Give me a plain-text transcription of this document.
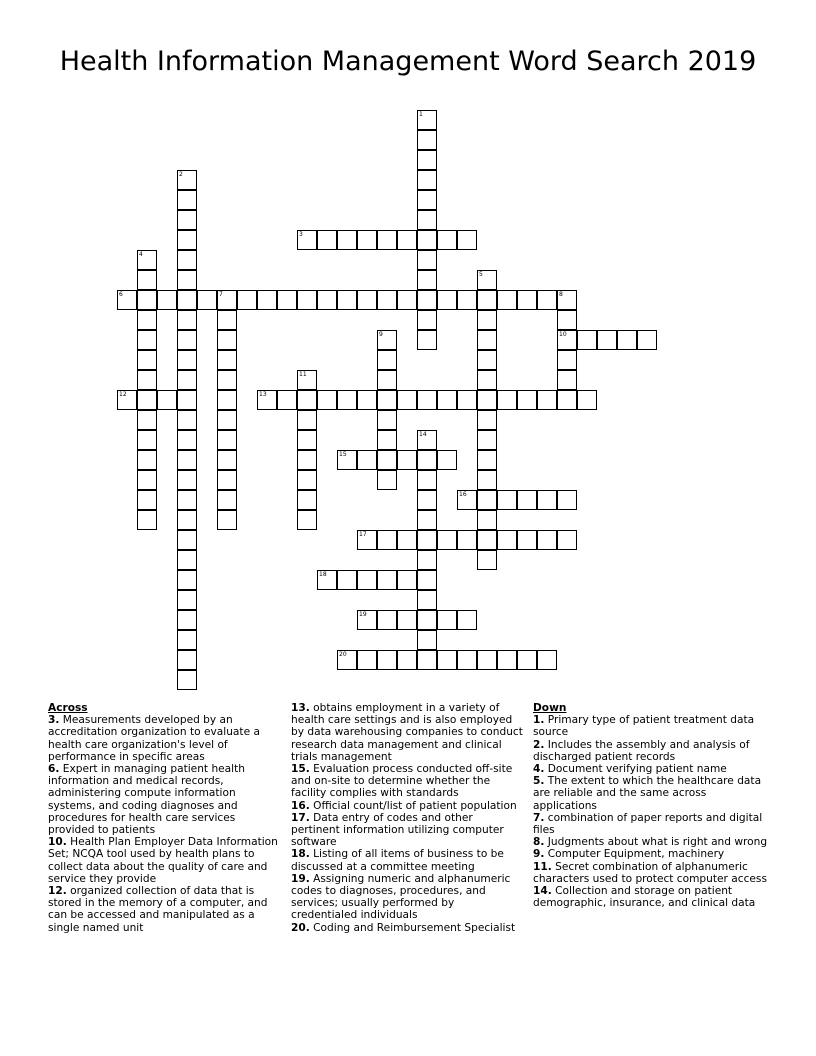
Health Information Management Word Search 2019
1
2
3
4
5
6	7	8
10
9
11
12	13
14
15
16
17
18
19
20
Across
3. Measurements developed by an accreditation organization to evaluate a health care organization's level of performance in specific areas
6. Expert in managing patient health information and medical records, administering compute information systems, and coding diagnoses and procedures for health care services provided to patients
10. Health Plan Employer Data Information Set; NCQA tool used by health plans to collect data about the quality of care and service they provide
12. organized collection of data that is stored in the memory of a computer, and can be accessed and manipulated as a single named unit
13. obtains employment in a variety of health care settings and is also employed by data warehousing companies to conduct research data management and clinical trials management
15. Evaluation process conducted off-site and on-site to determine whether the facility complies with standards
16. Official count/list of patient population
17. Data entry of codes and other pertinent information utilizing computer software
18. Listing of all items of business to be discussed at a committee meeting
19. Assigning numeric and alphanumeric codes to diagnoses, procedures, and services; usually performed by credentialed individuals
20. Coding and Reimbursement Specialist
Down
1. Primary type of patient treatment data source
2. Includes the assembly and analysis of discharged patient records
4. Document verifying patient name
5. The extent to which the healthcare data are reliable and the same across applications
7. combination of paper reports and digital files
8. Judgments about what is right and wrong
9. Computer Equipment, machinery
11. Secret combination of alphanumeric characters used to protect computer access
14. Collection and storage on patient demographic, insurance, and clinical data
